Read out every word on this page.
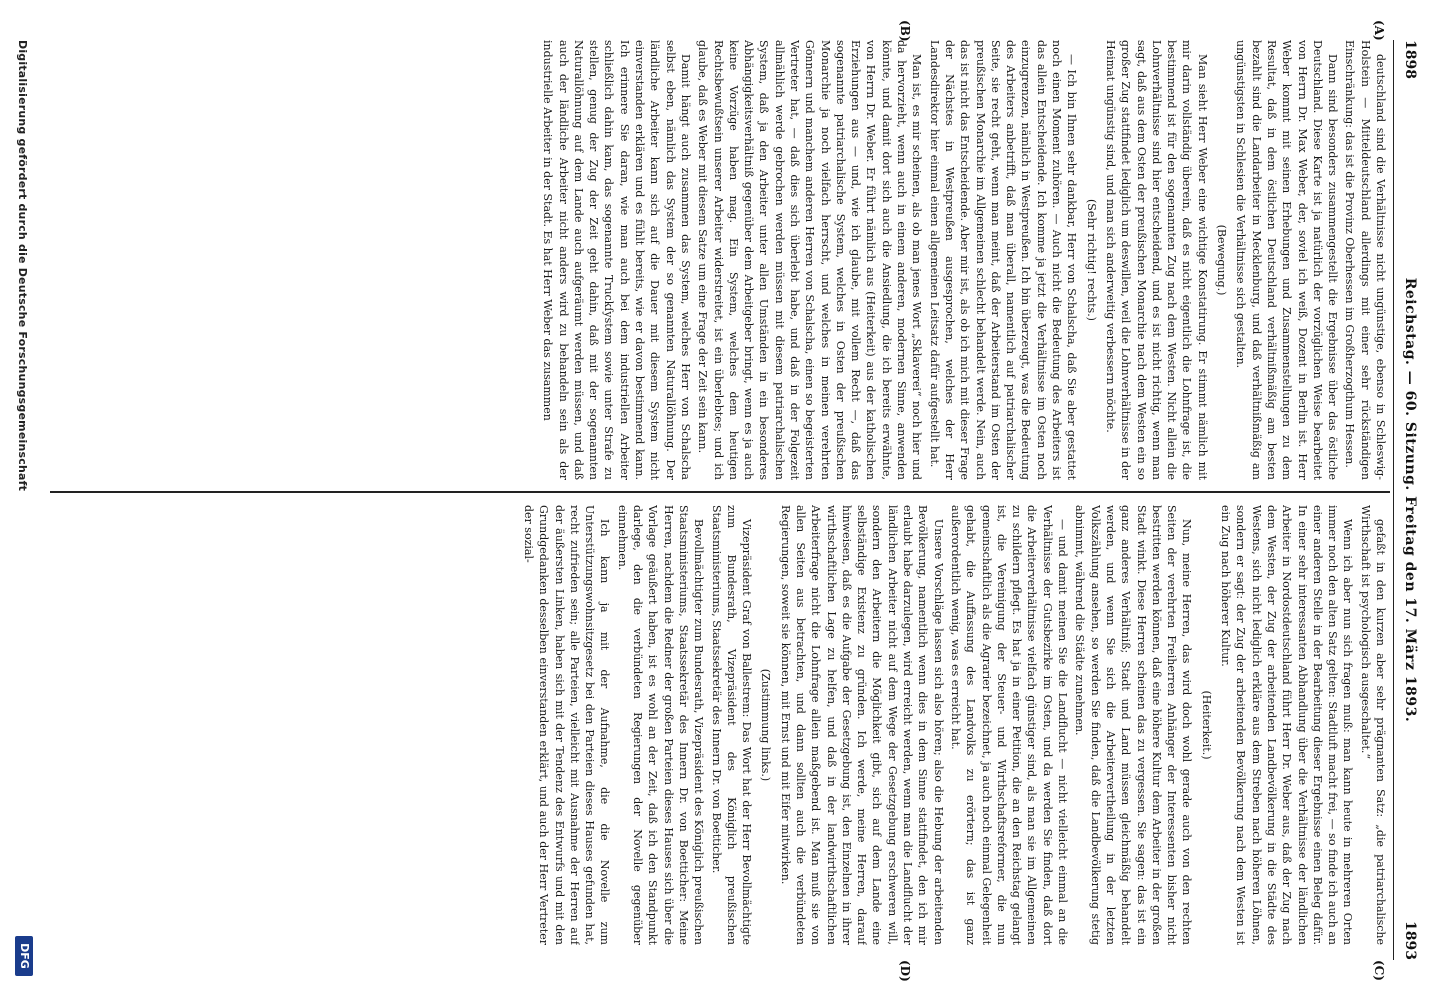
1898
Reichstag. — 60. Sitzung. Freitag den 17. März 1893.
1893
(A)
(B)
(C)
(D)

deutschland sind die Verhältnisse nicht ungünstige, ebenso in Schleswig-Holstein — Mitteldeutschland allerdings mit einer sehr rückständigen Einschränkung: das ist die Provinz Oberhessen im Großherzogthum Hessen.

Dann sind besonders zusammengestellt die Ergebnisse über das östliche Deutschland. Diese Karte ist ja natürlich der vorzüglichen Weise bearbeitet von Herrn Dr. Max Weber, der, soviel ich weiß, Dozent in Berlin ist. Herr Weber kommt mit seinen Erhebungen und Zusammenstellungen zu dem Resultat, daß in dem östlichen Deutschland verhältnißmäßig am besten bezahlt sind die Landarbeiter in Mecklenburg, und daß verhältnißmäßig am ungünstigsten in Schlesien die Verhältnisse sich gestalten.

(Bewegung.)

Man sieht Herr Weber eine wichtige Konstatirung. Er stimmt nämlich mit mir darin vollständig überein, daß es nicht eigentlich die Lohnfrage ist, die bestimmend ist für den sogenannten Zug nach dem Westen. Nicht allein die Lohnverhältnisse sind hier entscheidend, und es ist nicht richtig, wenn man sagt, daß aus dem Osten der preußischen Monarchie nach dem Westen ein so großer Zug stattfindet lediglich um deswillen, weil die Lohnverhältnisse in der Heimat ungünstig sind, und man sich anderweitig verbessern möchte.

(Sehr richtig! rechts.)

— Ich bin Ihnen sehr dankbar, Herr von Schalscha, daß Sie aber gestattet noch einen Moment zuhören. — Auch nicht die Bedeutung des Arbeiters ist das allein Entscheidende. Ich komme ja jetzt die Verhältnisse im Osten noch einzugrenzen, nämlich in Westpreußen. Ich bin überzeugt, was die Bedeutung des Arbeiters anbetrifft, daß man überall, namentlich auf patriarchalischer Seite, sie recht geht, wenn man meint, daß der Arbeiterstand im Osten der preußischen Monarchie im Allgemeinen schlecht behandelt werde. Nein, auch das ist nicht das Entscheidende. Aber mir ist, als ob ich mich mit dieser Frage der Nächstes in Westpreußen ausgesprochen, welches der Herr Landesdirektor hier einmal einen allgemeinen Leitsatz dafür aufgestellt hat.

Man ist, es mir scheinen, als ob man jenes Wort „Sklaverei“ noch hier und da hervorzieht, wenn auch in einem anderen, modernen Sinne, anwenden könnte, und damit dort sich auch die Ansiedlung, die ich bereits erwähnte, von Herrn Dr. Weber. Er führt nämlich aus (Heiterkeit) aus der katholischen Erziehungen aus — und, wie ich glaube, mit vollem Recht —, daß das sogenannte patriarchalische System, welches in Osten der preußischen Monarchie ja noch vielfach herrscht, und welches in meinen verehrten Gönnern und manchem anderen Herren von Schalscha, einen so begeisterten Vertreter hat, — daß dies sich überlebt habe, und daß in der Folgezeit allmählich werde gebrochen werden müssen mit diesem patriarchalischen System, daß ja den Arbeiter unter allen Umständen in ein besonderes Abhängigkeitsverhältniß gegenüber dem Arbeitgeber bringt, wenn es ja auch keine Vorzüge haben mag. Ein System, welches dem heutigen Rechtsbewußtsein unserer Arbeiter widerstreitet, ist ein überlebtes; und ich glaube, daß es Weber mit diesem Satze um eine Frage der Zeit sein kann.

Damit hängt auch zusammen das System, welches Herr von Schalscha selbst eben, nämlich das System der so genannten Naturallöhnung. Der ländliche Arbeiter kann sich auf die Dauer mit diesem System nicht einverstanden erklären und es fühlt bereits, wie er davon bestimmend kann. Ich erinnere Sie daran, wie man auch bei dem industriellen Arbeiter schließlich dahin kam, das sogenannte Truckſystem sowie unter Strafe zu stellen, genug der Zug der Zeit geht dahin, daß mit der sogenannten Naturallöhnung auf dem Lande auch aufgeräumt werden müssen, und daß auch der ländliche Arbeiter nicht anders wird zu behandeln sein als der industrielle Arbeiter in der Stadt. Es hat Herr Weber das zusammen

gefaßt in den kurzen aber sehr prägnanten Satz: „die patriarchalische Wirthschaft ist psychologisch ausgeschaltet.“

Wenn ich aber nun sich fragen muß: man kann heute in mehreren Orten immer noch den alten Satz gelten: Stadtluft macht frei, — so finde ich auch an einer anderen Stelle in der Bearbeitung dieser Ergebnisse einen Beleg dafür. In einer sehr interessanten Abhandlung über die Verhältnisse der ländlichen Arbeiter in Nordostdeutschland führt Herr Dr. Weber aus, daß der Zug nach dem Westen, der Zug der arbeitenden Landbevölkerung in die Städte des Westens, sich nicht lediglich erkläre aus dem Streben nach höheren Löhnen, sondern er sagt: der Zug der arbeitenden Bevölkerung nach dem Westen ist ein Zug nach höherer Kultur.

(Heiterkeit.)

Nun, meine Herren, das wird doch wohl gerade auch von den rechten Seiten der verehrten Freiherren Anhänger der Interessenten bisher nicht bestritten werden können, daß eine höhere Kultur dem Arbeiter in der großen Stadt winkt. Diese Herren scheinen das zu vergessen. Sie sagen: das ist ein ganz anderes Verhältniß; Stadt und Land müssen gleichmäßig behandelt werden, und wenn Sie sich die Arbeitervertheilung in der letzten Volkszählung ansehen, so werden Sie finden, daß die Landbevölkerung stetig abnimmt, während die Städte zunehmen.

— und damit meinen Sie die Landflucht — nicht vielleicht einmal an die Verhältnisse der Gutsbezirke im Osten, und da werden Sie finden, daß dort die Arbeiterverhältnisse vielfach günstiger sind, als man sie im Allgemeinen zu schildern pflegt. Es hat ja in einer Petition, die an den Reichstag gelangt ist, die Vereinigung der Steuer- und Wirthschaftsreformer, die nun gemeinschaftlich als die Agrarier bezeichnet, ja auch noch einmal Gelegenheit gehabt, die Auffassung des Landvolks zu erörtern; das ist ganz außerordentlich wenig, was es erreicht hat.

Unsere Vorschläge lassen sich also hören; also die Hebung der arbeitenden Bevölkerung, namentlich wenn dies in dem Sinne stattfindet, den ich mir erlaubt habe darzulegen, wird erreicht werden, wenn man die Landflucht der ländlichen Arbeiter nicht auf dem Wege der Gesetzgebung erschweren will, sondern den Arbeitern die Möglichkeit gibt, sich auf dem Lande eine selbständige Existenz zu gründen. Ich werde, meine Herren, darauf hinweisen, daß es die Aufgabe der Gesetzgebung ist, den Einzelnen in ihrer wirthschaftlichen Lage zu helfen, und daß in der landwirthschaftlichen Arbeiterfrage nicht die Lohnfrage allein maßgebend ist. Man muß sie von allen Seiten aus betrachten, und dann sollten auch die verbündeten Regierungen, soweit sie können, mit Ernst und mit Eifer mitwirken.

(Zustimmung links.)

Vizepräsident Graf von Ballestrem: Das Wort hat der Herr Bevollmächtigte zum Bundesrath, Vizepräsident des Königlich preußischen Staatsministeriums, Staatssekretär des Innern Dr. von Boetticher.

Bevollmächtigter zum Bundesrath, Vizepräsident des Königlich preußischen Staatsministeriums, Staatssekretär des Innern Dr. von Boetticher: Meine Herren, nachdem die Redner der großen Parteien dieses Hauses sich über die Vorlage geäußert haben, ist es wohl an der Zeit, daß ich den Standpunkt darlege, den die verbündeten Regierungen der Novelle gegenüber einnehmen.

Ich kann ja mit der Aufnahme, die die Novelle zum Unterstützungswohnsitzgesetz bei den Parteien dieses Hauses gefunden hat, recht zufrieden sein; alle Parteien, vielleicht mit Ausnahme der Herren auf der äußersten Linken, haben sich mit der Tendenz des Entwurfs und mit den Grundgedanken desselben einverstanden erklärt, und auch der Herr Vertreter der sozial-

Digitalisierung gefördert durch die Deutsche Forschungsgemeinschaft
DFG
